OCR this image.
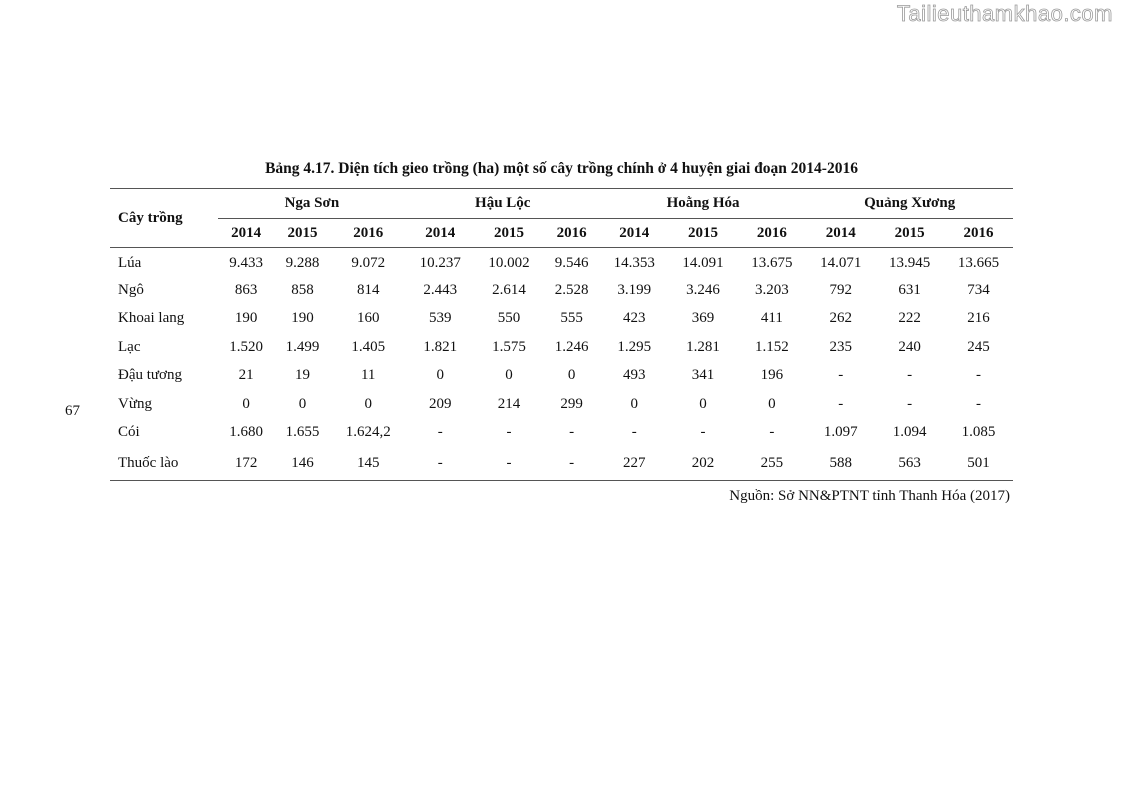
Tailieuthamkhao.com
67
Bảng 4.17. Diện tích gieo trồng (ha) một số cây trồng chính ở 4 huyện giai đoạn 2014-2016
Cây trồng	Nga Sơn			Hậu Lộc			Hoằng Hóa			Quảng Xương		
	2014	2015	2016	2014	2015	2016	2014	2015	2016	2014	2015	2016
Lúa	9.433	9.288	9.072	10.237	10.002	9.546	14.353	14.091	13.675	14.071	13.945	13.665
Ngô	863	858	814	2.443	2.614	2.528	3.199	3.246	3.203	792	631	734
Khoai lang	190	190	160	539	550	555	423	369	411	262	222	216
Lạc	1.520	1.499	1.405	1.821	1.575	1.246	1.295	1.281	1.152	235	240	245
Đậu tương	21	19	11	0	0	0	493	341	196	-	-	-
Vừng	0	0	0	209	214	299	0	0	0	-	-	-
Cói	1.680	1.655	1.624,2	-	-	-	-	-	-	1.097	1.094	1.085
Thuốc lào	172	146	145	-	-	-	227	202	255	588	563	501
Nguồn: Sở NN&PTNT tỉnh Thanh Hóa (2017)
